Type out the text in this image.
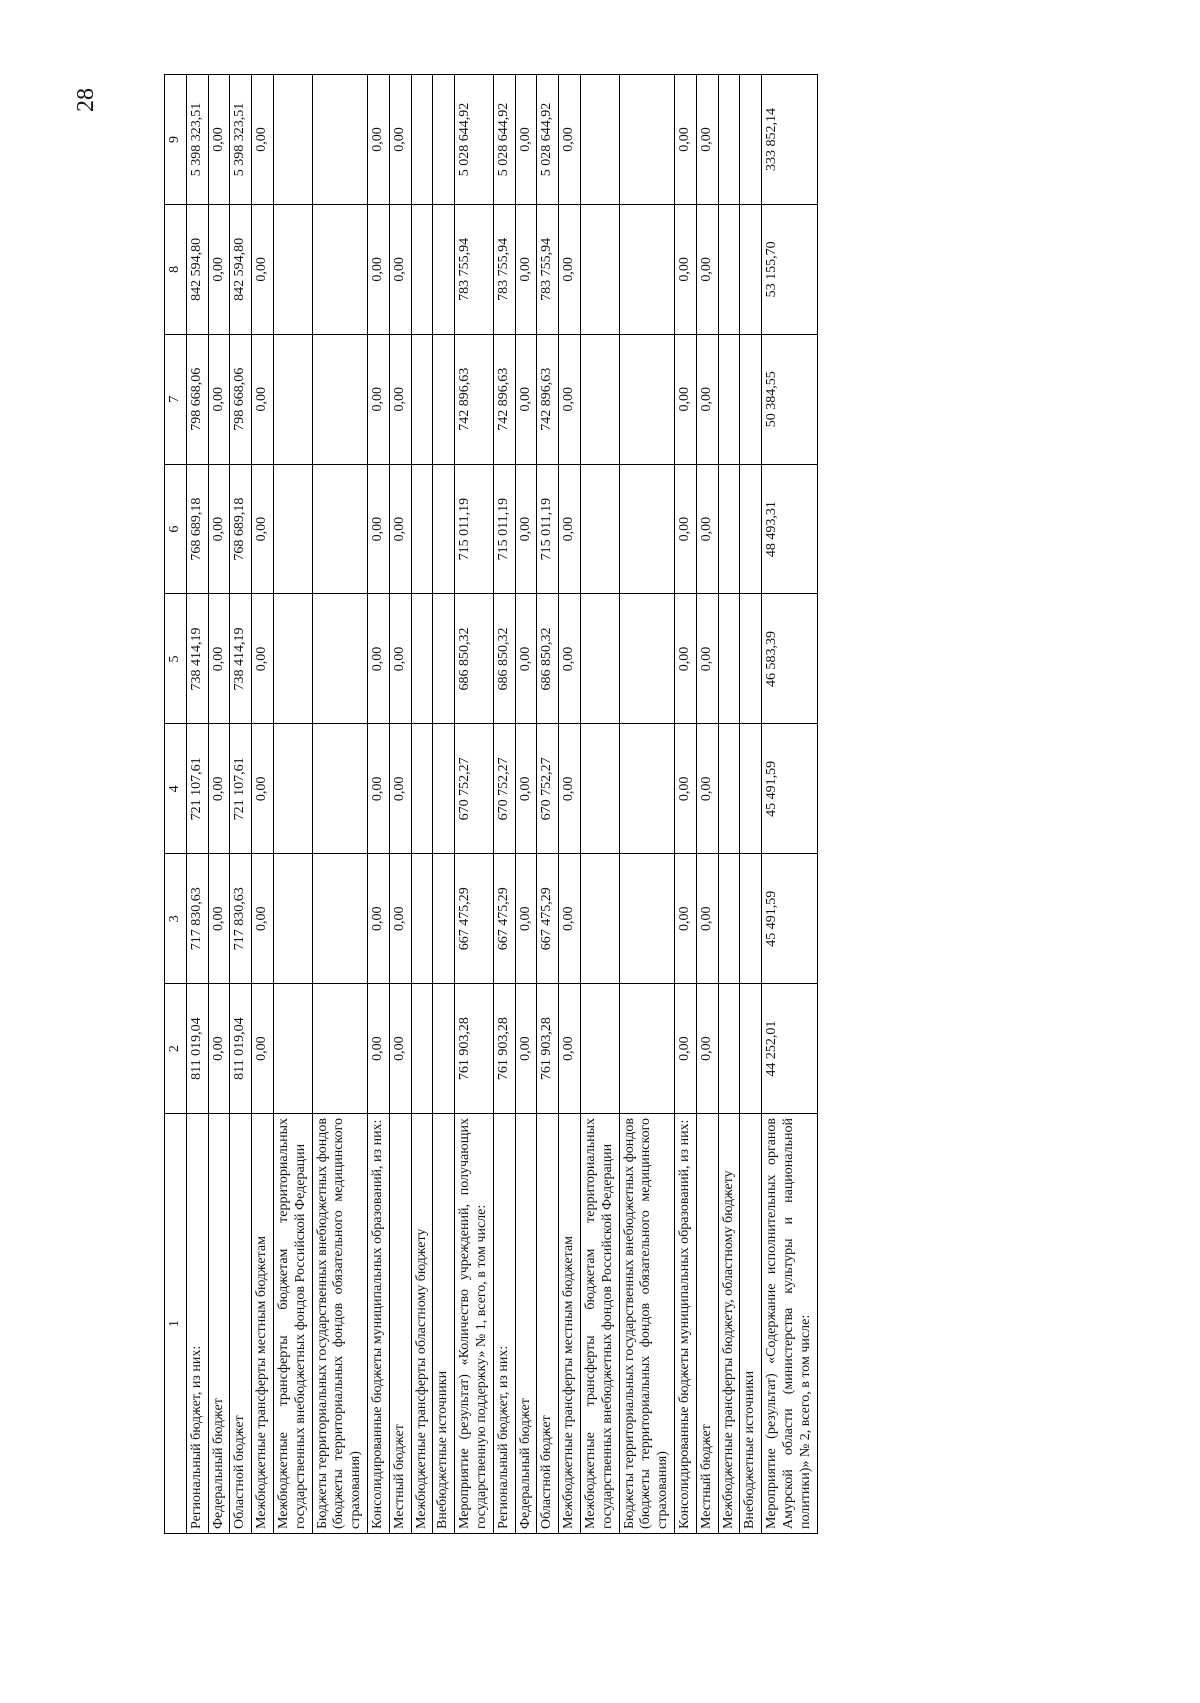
28
1	2	3	4	5	6	7	8	9
Региональный бюджет, из них:	811 019,04	717 830,63	721 107,61	738 414,19	768 689,18	798 668,06	842 594,80	5 398 323,51
Федеральный бюджет	0,00	0,00	0,00	0,00	0,00	0,00	0,00	0,00
Областной бюджет	811 019,04	717 830,63	721 107,61	738 414,19	768 689,18	798 668,06	842 594,80	5 398 323,51
Межбюджетные трансферты местным бюджетам	0,00	0,00	0,00	0,00	0,00	0,00	0,00	0,00
Межбюджетные трансферты бюджетам территориальных государственных внебюджетных фондов Российской Федерации								
Бюджеты территориальных государственных внебюджетных фондов (бюджеты территориальных фондов обязательного медицинского страхования)								
Консолидированные бюджеты муниципальных образований, из них:	0,00	0,00	0,00	0,00	0,00	0,00	0,00	0,00
Местный бюджет	0,00	0,00	0,00	0,00	0,00	0,00	0,00	0,00
Межбюджетные трансферты областному бюджету								
Внебюджетные источники								
Мероприятие (результат) «Количество учреждений, получающих государственную поддержку» № 1, всего, в том числе:	761 903,28	667 475,29	670 752,27	686 850,32	715 011,19	742 896,63	783 755,94	5 028 644,92
Региональный бюджет, из них:	761 903,28	667 475,29	670 752,27	686 850,32	715 011,19	742 896,63	783 755,94	5 028 644,92
Федеральный бюджет	0,00	0,00	0,00	0,00	0,00	0,00	0,00	0,00
Областной бюджет	761 903,28	667 475,29	670 752,27	686 850,32	715 011,19	742 896,63	783 755,94	5 028 644,92
Межбюджетные трансферты местным бюджетам	0,00	0,00	0,00	0,00	0,00	0,00	0,00	0,00
Межбюджетные трансферты бюджетам территориальных государственных внебюджетных фондов Российской Федерации								
Бюджеты территориальных государственных внебюджетных фондов (бюджеты территориальных фондов обязательного медицинского страхования)								
Консолидированные бюджеты муниципальных образований, из них:	0,00	0,00	0,00	0,00	0,00	0,00	0,00	0,00
Местный бюджет	0,00	0,00	0,00	0,00	0,00	0,00	0,00	0,00
Межбюджетные трансферты бюджету, областному бюджету								
Внебюджетные источники								
Мероприятие (результат) «Содержание исполнительных органов Амурской области (министерства культуры и национальной политики)» № 2, всего, в том числе:	44 252,01	45 491,59	45 491,59	46 583,39	48 493,31	50 384,55	53 155,70	333 852,14
